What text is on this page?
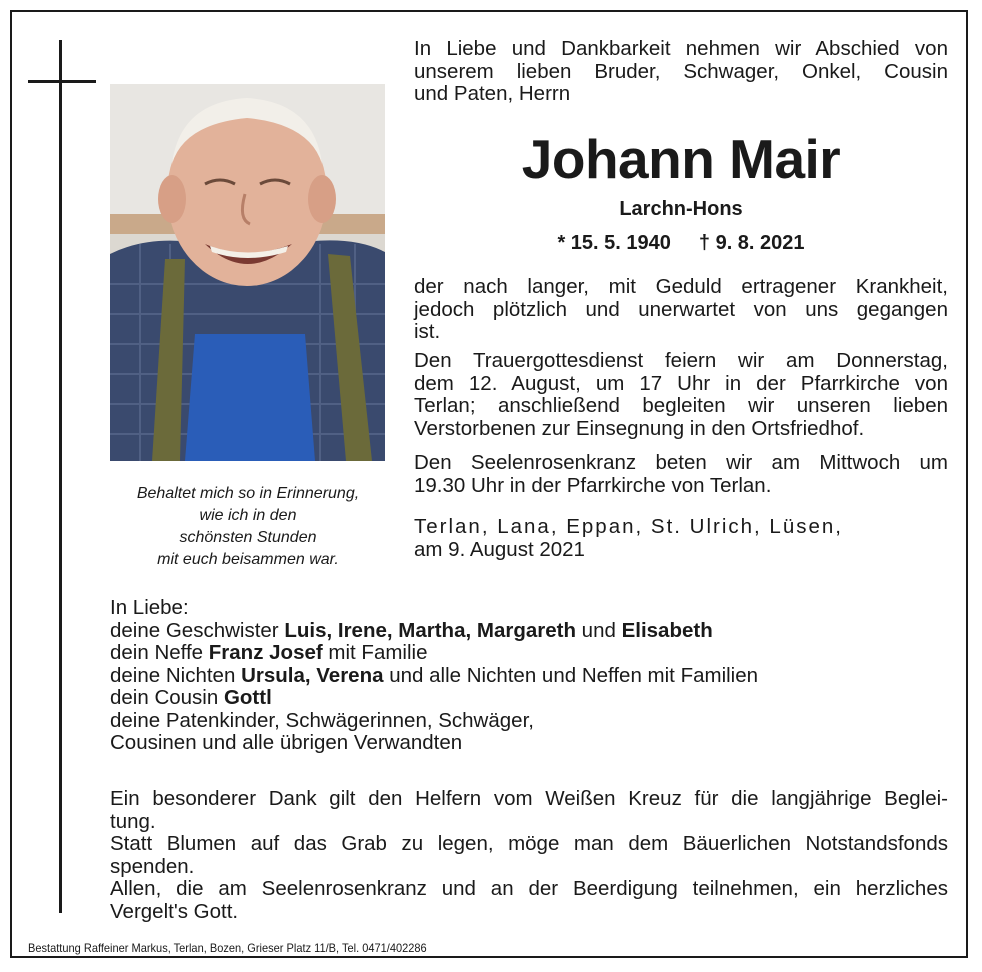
Behaltet mich so in Erinnerung,
wie ich in den
schönsten Stunden
mit euch beisammen war.
In Liebe und Dankbarkeit nehmen wir Abschied von
unserem lieben Bruder, Schwager, Onkel, Cousin
und Paten, Herrn
Johann Mair
Larchn-Hons
* 15. 5. 1940 † 9. 8. 2021
der nach langer, mit Geduld ertragener Krankheit,
jedoch plötzlich und unerwartet von uns gegangen
ist.
Den Trauergottesdienst feiern wir am Donnerstag,
dem 12. August, um 17 Uhr in der Pfarrkirche von
Terlan; anschließend begleiten wir unseren lieben
Verstorbenen zur Einsegnung in den Ortsfriedhof.
Den Seelenrosenkranz beten wir am Mittwoch um
19.30 Uhr in der Pfarrkirche von Terlan.
Terlan, Lana, Eppan, St. Ulrich, Lüsen,
am 9. August 2021
In Liebe:
deine Geschwister Luis, Irene, Martha, Margareth und Elisabeth
dein Neffe Franz Josef mit Familie
deine Nichten Ursula, Verena und alle Nichten und Neffen mit Familien
dein Cousin Gottl
deine Patenkinder, Schwägerinnen, Schwäger,
Cousinen und alle übrigen Verwandten
Ein besonderer Dank gilt den Helfern vom Weißen Kreuz für die langjährige Beglei-
tung.
Statt Blumen auf das Grab zu legen, möge man dem Bäuerlichen Notstandsfonds
spenden.
Allen, die am Seelenrosenkranz und an der Beerdigung teilnehmen, ein herzliches
Vergelt's Gott.
Bestattung Raffeiner Markus, Terlan, Bozen, Grieser Platz 11/B, Tel. 0471/402286
